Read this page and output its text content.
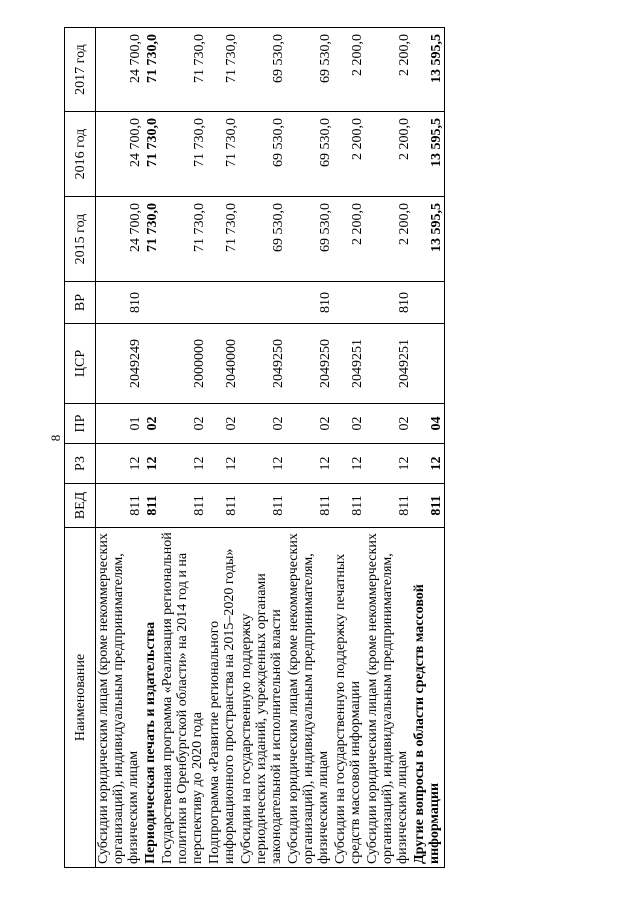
8
Наименование	ВЕД	РЗ	ПР	ЦСР	ВР	2015 год	2016 год	2017 год
Субсидии юридическим лицам (кроме некоммерческих организаций), индивидуальным предпринимателям, физическим лицам	811	12	01	2049249	810	24 700,0	24 700,0	24 700,0
Периодическая печать и издательства	811	12	02			71 730,0	71 730,0	71 730,0
Государственная программа «Реализация региональной политики в Оренбургской области» на 2014 год и на перспективу до 2020 года	811	12	02	2000000		71 730,0	71 730,0	71 730,0
Подпрограмма «Развитие регионального информационного пространства на 2015–2020 годы»	811	12	02	2040000		71 730,0	71 730,0	71 730,0
Субсидии на государственную поддержку периодических изданий, учрежденных органами законодательной и исполнительной власти	811	12	02	2049250		69 530,0	69 530,0	69 530,0
Субсидии юридическим лицам (кроме некоммерческих организаций), индивидуальным предпринимателям, физическим лицам	811	12	02	2049250	810	69 530,0	69 530,0	69 530,0
Субсидии на государственную поддержку печатных средств массовой информации	811	12	02	2049251		2 200,0	2 200,0	2 200,0
Субсидии юридическим лицам (кроме некоммерческих организаций), индивидуальным предпринимателям, физическим лицам	811	12	02	2049251	810	2 200,0	2 200,0	2 200,0
Другие вопросы в области средств массовой информации	811	12	04			13 595,5	13 595,5	13 595,5
